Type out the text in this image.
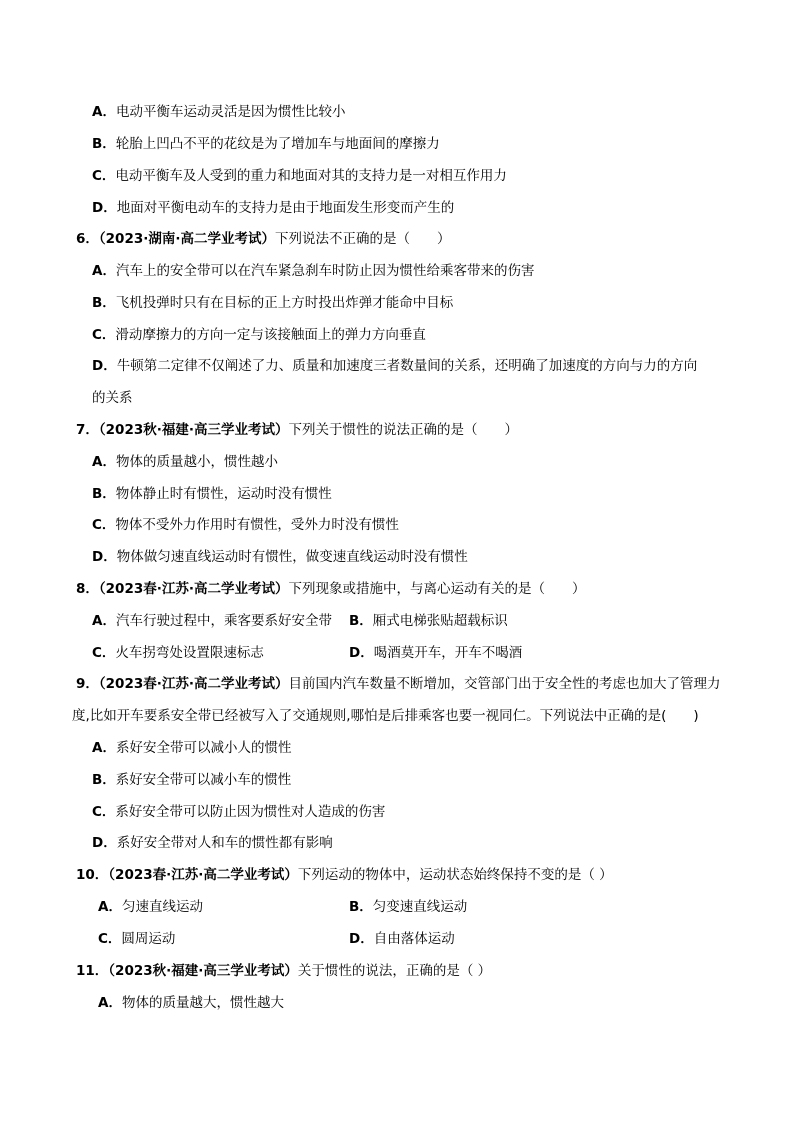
A．电动平衡车运动灵活是因为惯性比较小
B．轮胎上凹凸不平的花纹是为了增加车与地面间的摩擦力
C．电动平衡车及人受到的重力和地面对其的支持力是一对相互作用力
D．地面对平衡电动车的支持力是由于地面发生形变而产生的
6．（2023·湖南·高二学业考试）下列说法不正确的是（　　）
A．汽车上的安全带可以在汽车紧急刹车时防止因为惯性给乘客带来的伤害
B．飞机投弹时只有在目标的正上方时投出炸弹才能命中目标
C．滑动摩擦力的方向一定与该接触面上的弹力方向垂直
D．牛顿第二定律不仅阐述了力、质量和加速度三者数量间的关系，还明确了加速度的方向与力的方向
的关系
7．（2023秋·福建·高三学业考试）下列关于惯性的说法正确的是（　　）
A．物体的质量越小，惯性越小
B．物体静止时有惯性，运动时没有惯性
C．物体不受外力作用时有惯性，受外力时没有惯性
D．物体做匀速直线运动时有惯性，做变速直线运动时没有惯性
8．（2023春·江苏·高二学业考试）下列现象或措施中，与离心运动有关的是（　　）
A．汽车行驶过程中，乘客要系好安全带 B．厢式电梯张贴超载标识
C．火车拐弯处设置限速标志	D．喝酒莫开车，开车不喝酒
9．（2023春·江苏·高二学业考试）目前国内汽车数量不断增加，交管部门出于安全性的考虑也加大了管理力
度,比如开车要系安全带已经被写入了交通规则,哪怕是后排乘客也要一视同仁。下列说法中正确的是(　　)
A．系好安全带可以减小人的惯性
B．系好安全带可以减小车的惯性
C．系好安全带可以防止因为惯性对人造成的伤害
D．系好安全带对人和车的惯性都有影响
10．（2023春·江苏·高二学业考试）下列运动的物体中，运动状态始终保持不变的是（ ）
A．匀速直线运动	B．匀变速直线运动
C．圆周运动	D．自由落体运动
11．（2023秋·福建·高三学业考试）关于惯性的说法，正确的是（ ）
A．物体的质量越大，惯性越大
